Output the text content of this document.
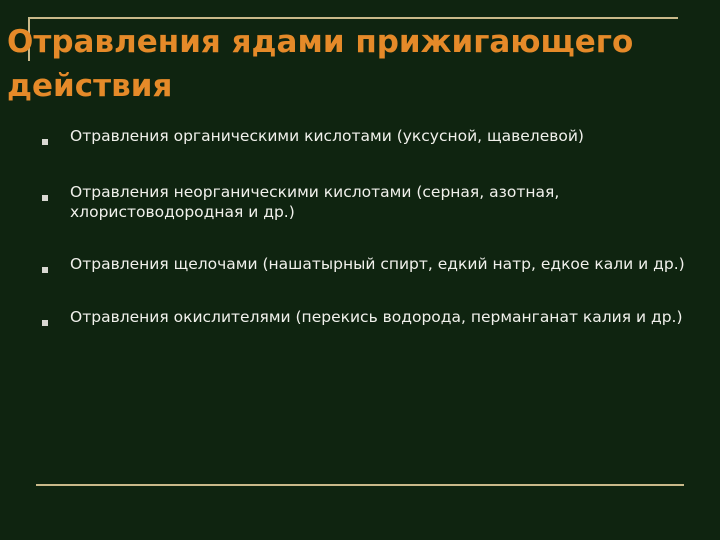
Отравления ядами прижигающего действия
Отравления органическими кислотами (уксусной, щавелевой)
Отравления неорганическими кислотами (серная, азотная, хлористоводородная и др.)
Отравления щелочами (нашатырный спирт, едкий натр, едкое кали и др.)
Отравления окислителями (перекись водорода, перманганат калия и др.)
